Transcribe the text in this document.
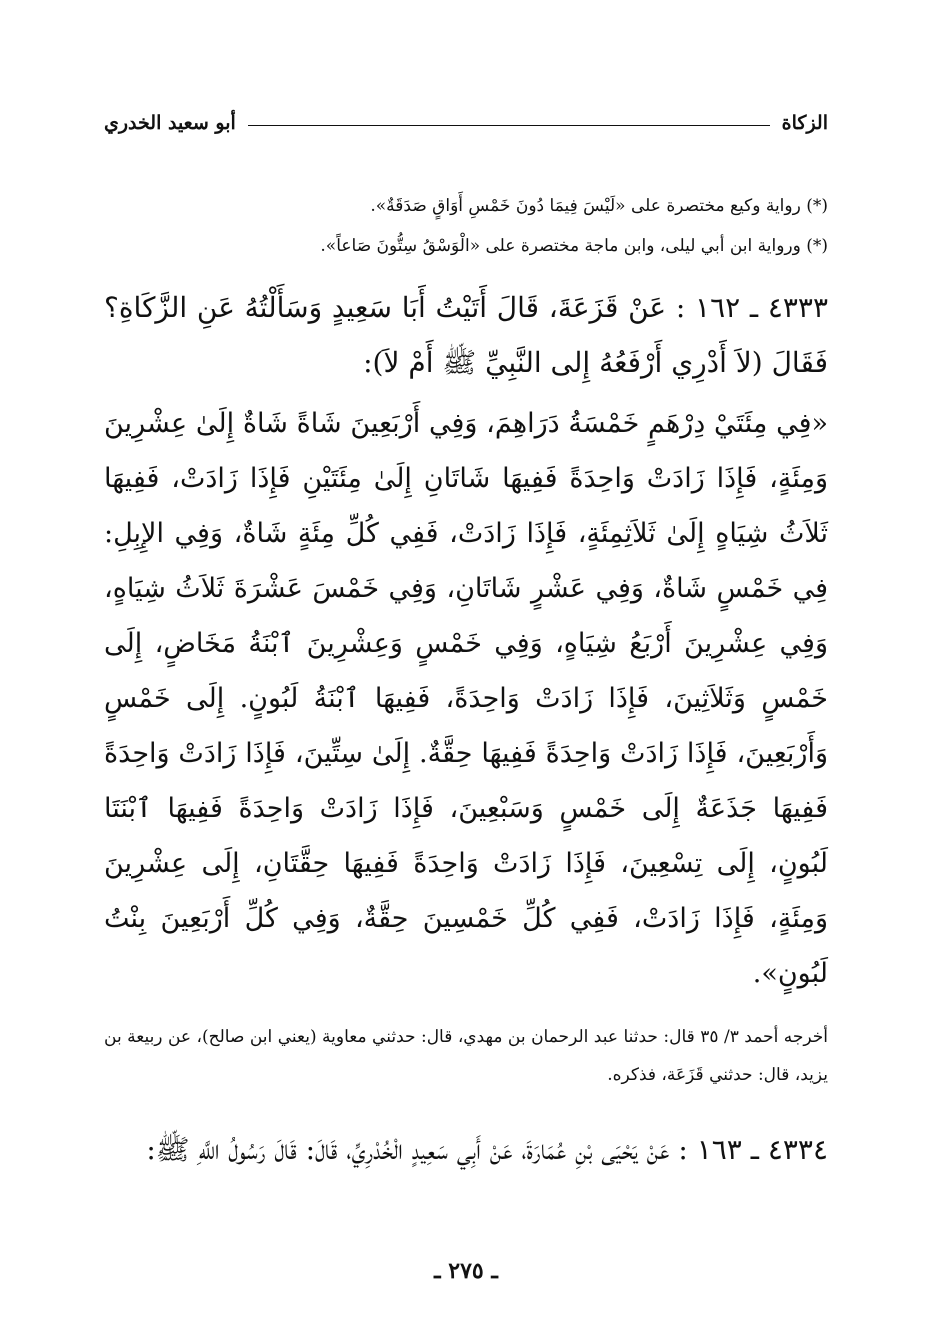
الزكاة
أبو سعيد الخدري
(*) رواية وكيع مختصرة على «لَيْسَ فِيمَا دُونَ خَمْسِ أَوَاقٍ صَدَقَةٌ».
(*) ورواية ابن أبي ليلى، وابن ماجة مختصرة على «الْوَسْقُ سِتُّونَ صَاعاً».

٤٣٣٣ ـ ١٦٢ : عَنْ قَزَعَةَ، قَالَ أَتَيْتُ أَبَا سَعِيدٍ وَسَأَلْتُهُ عَنِ الزَّكَاةِ؟ فَقَالَ (لاَ أَدْرِي أَرْفَعُهُ إِلى النَّبِيِّ ﷺ أَمْ لاَ):

«فِي مِئَتَيْ دِرْهَمٍ خَمْسَةُ دَرَاهِمَ، وَفِي أَرْبَعِينَ شَاةً شَاةٌ إِلَىٰ عِشْرِينَ وَمِئَةٍ، فَإِذَا زَادَتْ وَاحِدَةً فَفِيهَا شَاتَانِ إِلَىٰ مِئَتَيْنِ فَإِذَا زَادَتْ، فَفِيهَا ثَلاَثُ شِيَاهٍ إِلَىٰ ثَلاَثِمِئَةٍ، فَإِذَا زَادَتْ، فَفِي كُلِّ مِئَةٍ شَاةٌ، وَفِي الإِبِلِ: فِي خَمْسٍ شَاةٌ، وَفِي عَشْرٍ شَاتَانِ، وَفِي خَمْسَ عَشْرَةَ ثَلاَثُ شِيَاهٍ، وَفِي عِشْرِينَ أَرْبَعُ شِيَاهٍ، وَفِي خَمْسٍ وَعِشْرِينَ ٱبْنَةُ مَخَاضٍ، إِلَى خَمْسٍ وَثَلاَثِينَ، فَإِذَا زَادَتْ وَاحِدَةً، فَفِيهَا ٱبْنَةُ لَبُونٍ. إِلَى خَمْسٍ وَأَرْبَعِينَ، فَإِذَا زَادَتْ وَاحِدَةً فَفِيهَا حِقَّةٌ. إِلَىٰ سِتِّينَ، فَإِذَا زَادَتْ وَاحِدَةً فَفِيهَا جَذَعَةٌ إِلَى خَمْسٍ وَسَبْعِينَ، فَإِذَا زَادَتْ وَاحِدَةً فَفِيهَا ٱبْنَتَا لَبُونٍ، إِلَى تِسْعِينَ، فَإِذَا زَادَتْ وَاحِدَةً فَفِيهَا حِقَّتَانِ، إِلَى عِشْرِينَ وَمِئَةٍ، فَإِذَا زَادَتْ، فَفِي كُلِّ خَمْسِينَ حِقَّةٌ، وَفِي كُلِّ أَرْبَعِينَ بِنْتُ لَبُونٍ».

أخرجه أحمد ٣/ ٣٥ قال: حدثنا عبد الرحمان بن مهدي، قال: حدثني معاوية (يعني ابن صالح)، عن ربيعة بن يزيد، قال: حدثني قَزَعَة، فذكره.

٤٣٣٤ ـ ١٦٣ : عَنْ يَحْيَى بْنِ عُمَارَةَ، عَنْ أَبِي سَعِيدٍ الْخُدْرِيِّ، قَالَ: قَالَ رَسُولُ اللَّهِ ﷺ:

ـ ٢٧٥ ـ
